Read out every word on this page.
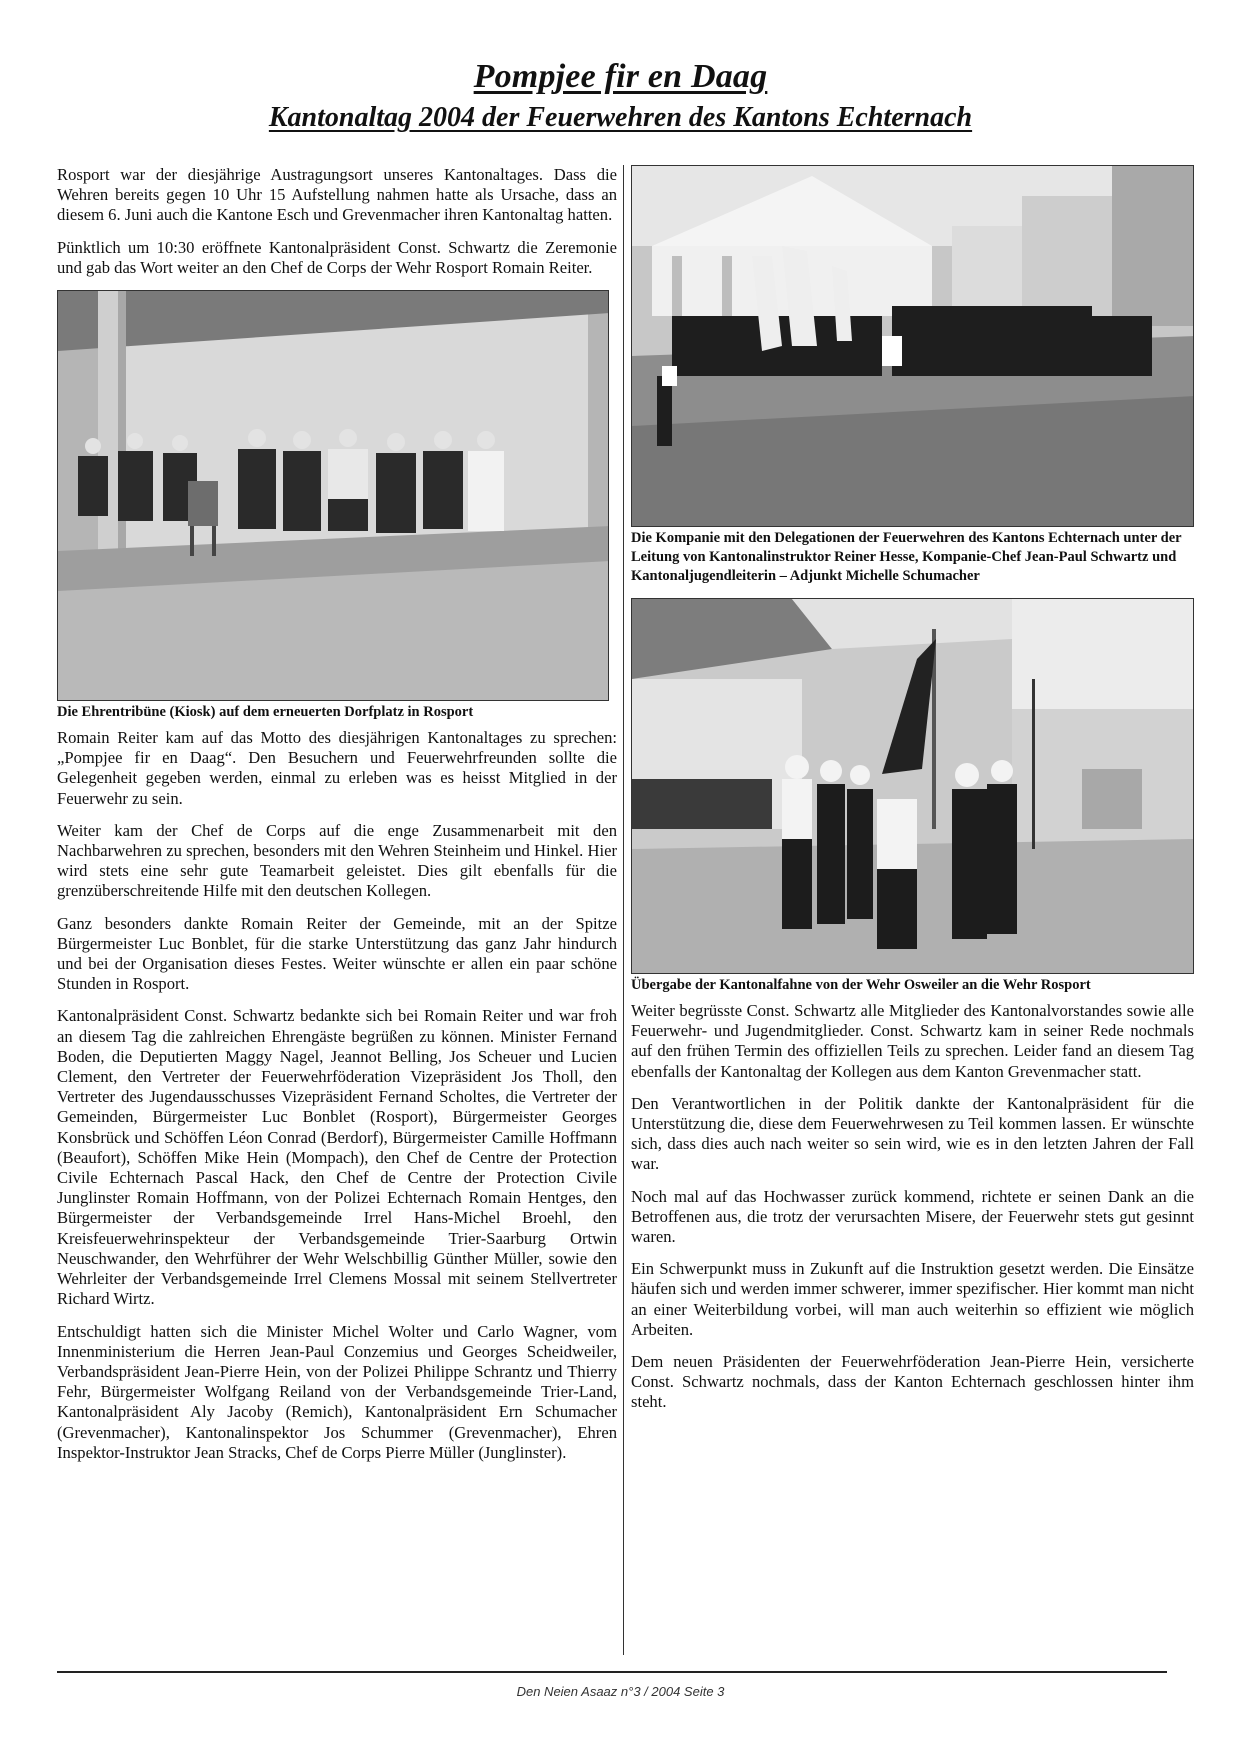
Pompjee fir en Daag
Kantonaltag 2004 der Feuerwehren des Kantons Echternach

Rosport war der diesjährige Austragungsort unseres Kantonaltages. Dass die Wehren bereits gegen 10 Uhr 15 Aufstellung nahmen hatte als Ursache, dass an diesem 6. Juni auch die Kantone Esch und Grevenmacher ihren Kantonaltag hatten.

Pünktlich um 10:30 eröffnete Kantonalpräsident Const. Schwartz die Zeremonie und gab das Wort weiter an den Chef de Corps der Wehr Rosport Romain Reiter.

Die Ehrentribüne (Kiosk) auf dem erneuerten Dorfplatz in Rosport

Romain Reiter kam auf das Motto des diesjährigen Kantonaltages zu sprechen: „Pompjee fir en Daag“. Den Besuchern und Feuerwehrfreunden sollte die Gelegenheit gegeben werden, einmal zu erleben was es heisst Mitglied in der Feuerwehr zu sein.

Weiter kam der Chef de Corps auf die enge Zusammenarbeit mit den Nachbarwehren zu sprechen, besonders mit den Wehren Steinheim und Hinkel. Hier wird stets eine sehr gute Teamarbeit geleistet. Dies gilt ebenfalls für die grenzüberschreitende Hilfe mit den deutschen Kollegen.

Ganz besonders dankte Romain Reiter der Gemeinde, mit an der Spitze Bürgermeister Luc Bonblet, für die starke Unterstützung das ganz Jahr hindurch und bei der Organisation dieses Festes. Weiter wünschte er allen ein paar schöne Stunden in Rosport.

Kantonalpräsident Const. Schwartz bedankte sich bei Romain Reiter und war froh an diesem Tag die zahlreichen Ehrengäste begrüßen zu können. Minister Fernand Boden, die Deputierten Maggy Nagel, Jeannot Belling, Jos Scheuer und Lucien Clement, den Vertreter der Feuerwehrföderation Vizepräsident Jos Tholl, den Vertreter des Jugendausschusses Vizepräsident Fernand Scholtes, die Vertreter der Gemeinden, Bürgermeister Luc Bonblet (Rosport), Bürgermeister Georges Konsbrück und Schöffen Léon Conrad (Berdorf), Bürgermeister Camille Hoffmann (Beaufort), Schöffen Mike Hein (Mompach), den Chef de Centre der Protection Civile Echternach Pascal Hack, den Chef de Centre der Protection Civile Junglinster Romain Hoffmann, von der Polizei Echternach Romain Hentges, den Bürgermeister der Verbandsgemeinde Irrel Hans-Michel Broehl, den Kreisfeuerwehrinspekteur der Verbandsgemeinde Trier-Saarburg Ortwin Neuschwander, den Wehrführer der Wehr Welschbillig Günther Müller, sowie den Wehrleiter der Verbandsgemeinde Irrel Clemens Mossal mit seinem Stellvertreter Richard Wirtz.

Entschuldigt hatten sich die Minister Michel Wolter und Carlo Wagner, vom Innenministerium die Herren Jean-Paul Conzemius und Georges Scheidweiler, Verbandspräsident Jean-Pierre Hein, von der Polizei Philippe Schrantz und Thierry Fehr, Bürgermeister Wolfgang Reiland von der Verbandsgemeinde Trier-Land, Kantonalpräsident Aly Jacoby (Remich), Kantonalpräsident Ern Schumacher (Grevenmacher), Kantonalinspektor Jos Schummer (Grevenmacher), Ehren Inspektor-Instruktor Jean Stracks, Chef de Corps Pierre Müller (Junglinster).

Die Kompanie mit den Delegationen der Feuerwehren des Kantons Echternach unter der Leitung von Kantonalinstruktor Reiner Hesse, Kompanie-Chef Jean-Paul Schwartz und Kantonaljugendleiterin – Adjunkt Michelle Schumacher
Übergabe der Kantonalfahne von der Wehr Osweiler an die Wehr Rosport

Weiter begrüsste Const. Schwartz alle Mitglieder des Kantonalvorstandes sowie alle Feuerwehr- und Jugendmitglieder. Const. Schwartz kam in seiner Rede nochmals auf den frühen Termin des offiziellen Teils zu sprechen. Leider fand an diesem Tag ebenfalls der Kantonaltag der Kollegen aus dem Kanton Grevenmacher statt.

Den Verantwortlichen in der Politik dankte der Kantonalpräsident für die Unterstützung die, diese dem Feuerwehrwesen zu Teil kommen lassen. Er wünschte sich, dass dies auch nach weiter so sein wird, wie es in den letzten Jahren der Fall war.

Noch mal auf das Hochwasser zurück kommend, richtete er seinen Dank an die Betroffenen aus, die trotz der verursachten Misere, der Feuerwehr stets gut gesinnt waren.

Ein Schwerpunkt muss in Zukunft auf die Instruktion gesetzt werden. Die Einsätze häufen sich und werden immer schwerer, immer spezifischer. Hier kommt man nicht an einer Weiterbildung vorbei, will man auch weiterhin so effizient wie möglich Arbeiten.

Dem neuen Präsidenten der Feuerwehrföderation Jean-Pierre Hein, versicherte Const. Schwartz nochmals, dass der Kanton Echternach geschlossen hinter ihm steht.

Den Neien Asaaz n°3 / 2004 Seite 3
